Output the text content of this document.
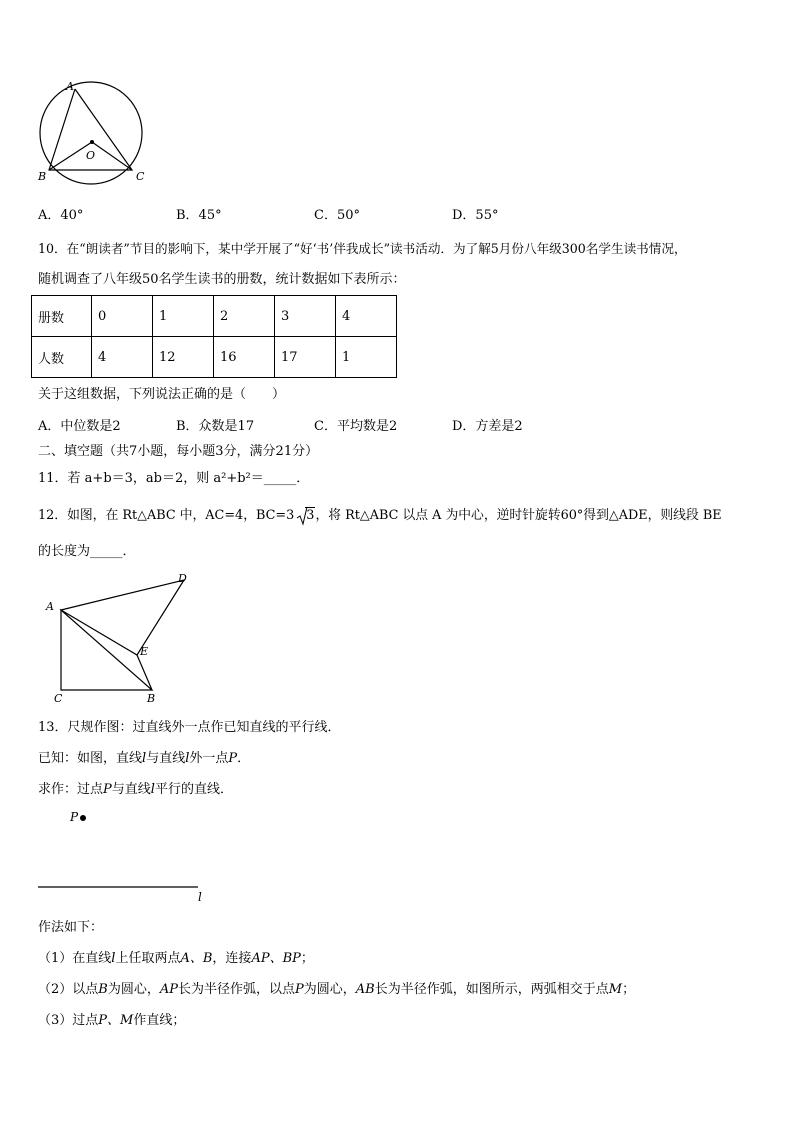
A
O
B	C
A．40°	B．45°	C．50°	D．55°
10．在“朗读者”节目的影响下，某中学开展了“好‘书’伴我成长”读书活动．为了解5月份八年级300名学生读书情况，
随机调查了八年级50名学生读书的册数，统计数据如下表所示：
册数	0	1	2	3	4
人数	4	12	16	17	1
关于这组数据，下列说法正确的是（　　）
A．中位数是2	B．众数是17	C．平均数是2	D．方差是2
二、填空题（共7小题，每小题3分，满分21分）
11．若 a+b＝3，ab＝2，则 a²+b²＝_____．
12．如图，在 Rt△ABC 中，AC=4，BC=3 3，将 Rt△ABC 以点 A 为中心，逆时针旋转60°得到△ADE，则线段 BE
的长度为_____．
A
D
E
C	B
13．尺规作图：过直线外一点作已知直线的平行线．
已知：如图，直线l与直线l外一点P．
求作：过点P与直线l平行的直线．
P
l
作法如下：
（1）在直线l上任取两点A、B，连接AP、BP；
（2）以点B为圆心，AP长为半径作弧，以点P为圆心，AB长为半径作弧，如图所示，两弧相交于点M；
（3）过点P、M作直线；
